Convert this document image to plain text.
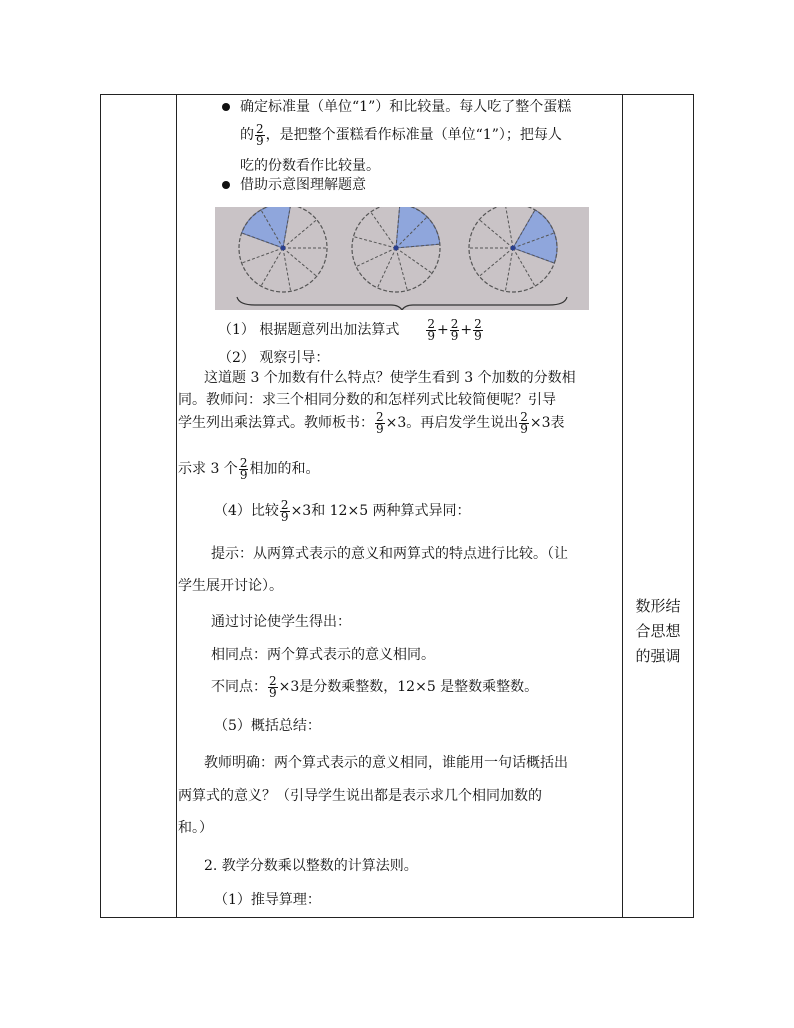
确定标准量（单位“1”）和比较量。每人吃了整个蛋糕
的 $\frac{2}{9}$ ，是把整个蛋糕看作标准量（单位“1”）；把每人
吃的份数看作比较量。
借助示意图理解题意
（1） 根据题意列出加法算式 $\frac{2}{9} + \frac{2}{9} + \frac{2}{9}$
（2） 观察引导：
这道题 3 个加数有什么特点？使学生看到 3 个加数的分数相
同。教师问：求三个相同分数的和怎样列式比较简便呢？引导
学生列出乘法算式。教师板书： $\frac{2}{9} \times 3$。再启发学生说出 $\frac{2}{9} \times 3$表
示求 3 个 $\frac{2}{9}$ 相加的和。
（4）比较 $\frac{2}{9} \times 3$和 12×5 两种算式异同：
提示：从两算式表示的意义和两算式的特点进行比较。（让
学生展开讨论）。
通过讨论使学生得出：
相同点：两个算式表示的意义相同。
不同点： $\frac{2}{9} \times 3$是分数乘整数，12×5 是整数乘整数。
（5）概括总结：
教师明确：两个算式表示的意义相同，谁能用一句话概括出
两算式的意义？（引导学生说出都是表示求几个相同加数的
和。）
2. 教学分数乘以整数的计算法则。
（1）推导算理：
数形结
合思想
的强调
